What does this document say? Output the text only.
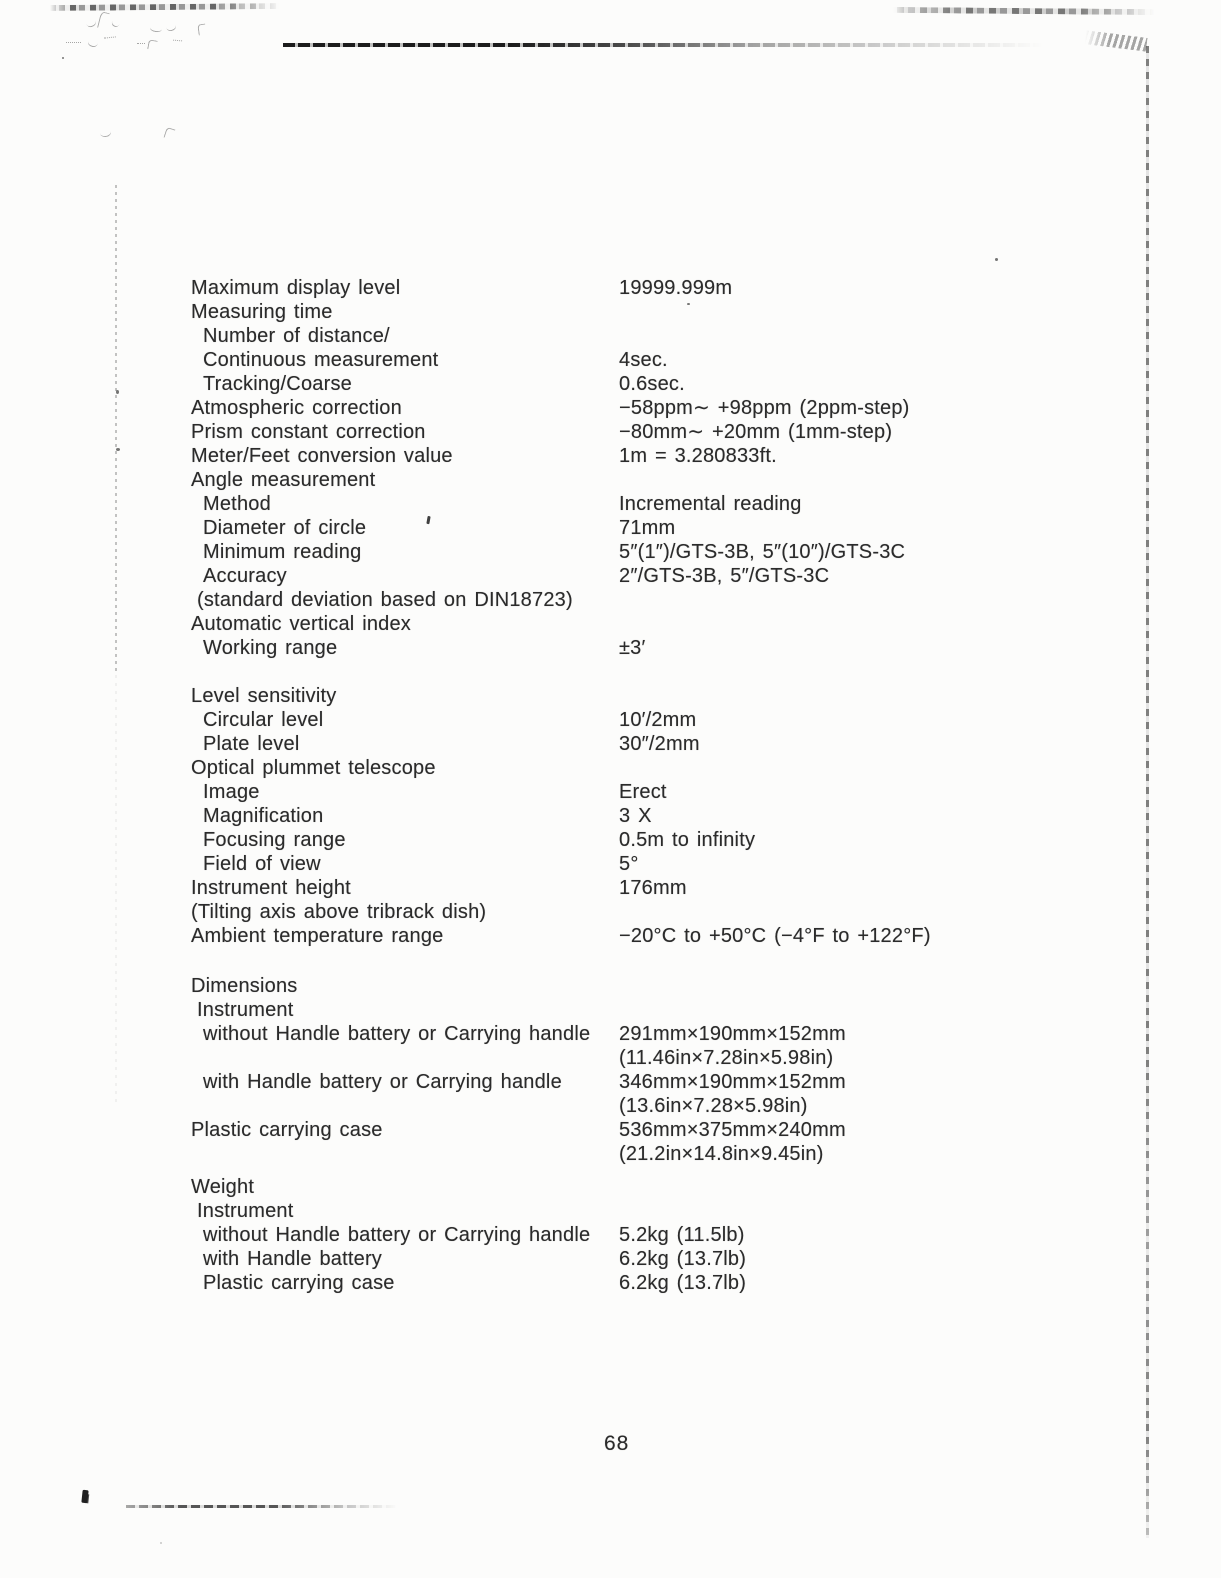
Maximum display level	19999.999m
Measuring time
Number of distance/
Continuous measurement	4sec.
Tracking/Coarse	0.6sec.
Atmospheric correction	−58ppm∼ +98ppm (2ppm-step)
Prism constant correction	−80mm∼ +20mm (1mm-step)
Meter/Feet conversion value	1m = 3.280833ft.
Angle measurement
Method	Incremental reading
Diameter of circle	71mm
Minimum reading	5″(1″)/GTS-3B, 5″(10″)/GTS-3C
Accuracy	2″/GTS-3B, 5″/GTS-3C
(standard deviation based on DIN18723)
Automatic vertical index
Working range	±3′
Level sensitivity
Circular level	10′/2mm
Plate level	30″/2mm
Optical plummet telescope
Image	Erect
Magnification	3 X
Focusing range	0.5m to infinity
Field of view	5°
Instrument height	176mm
(Tilting axis above tribrack dish)
Ambient temperature range	−20°C to +50°C (−4°F to +122°F)
Dimensions
Instrument
without Handle battery or Carrying handle 291mm×190mm×152mm
(11.46in×7.28in×5.98in)
with Handle battery or Carrying handle	346mm×190mm×152mm
(13.6in×7.28×5.98in)
Plastic carrying case	536mm×375mm×240mm
(21.2in×14.8in×9.45in)
Weight
Instrument
without Handle battery or Carrying handle 5.2kg (11.5lb)
with Handle battery	6.2kg (13.7lb)
Plastic carrying case	6.2kg (13.7lb)
68
